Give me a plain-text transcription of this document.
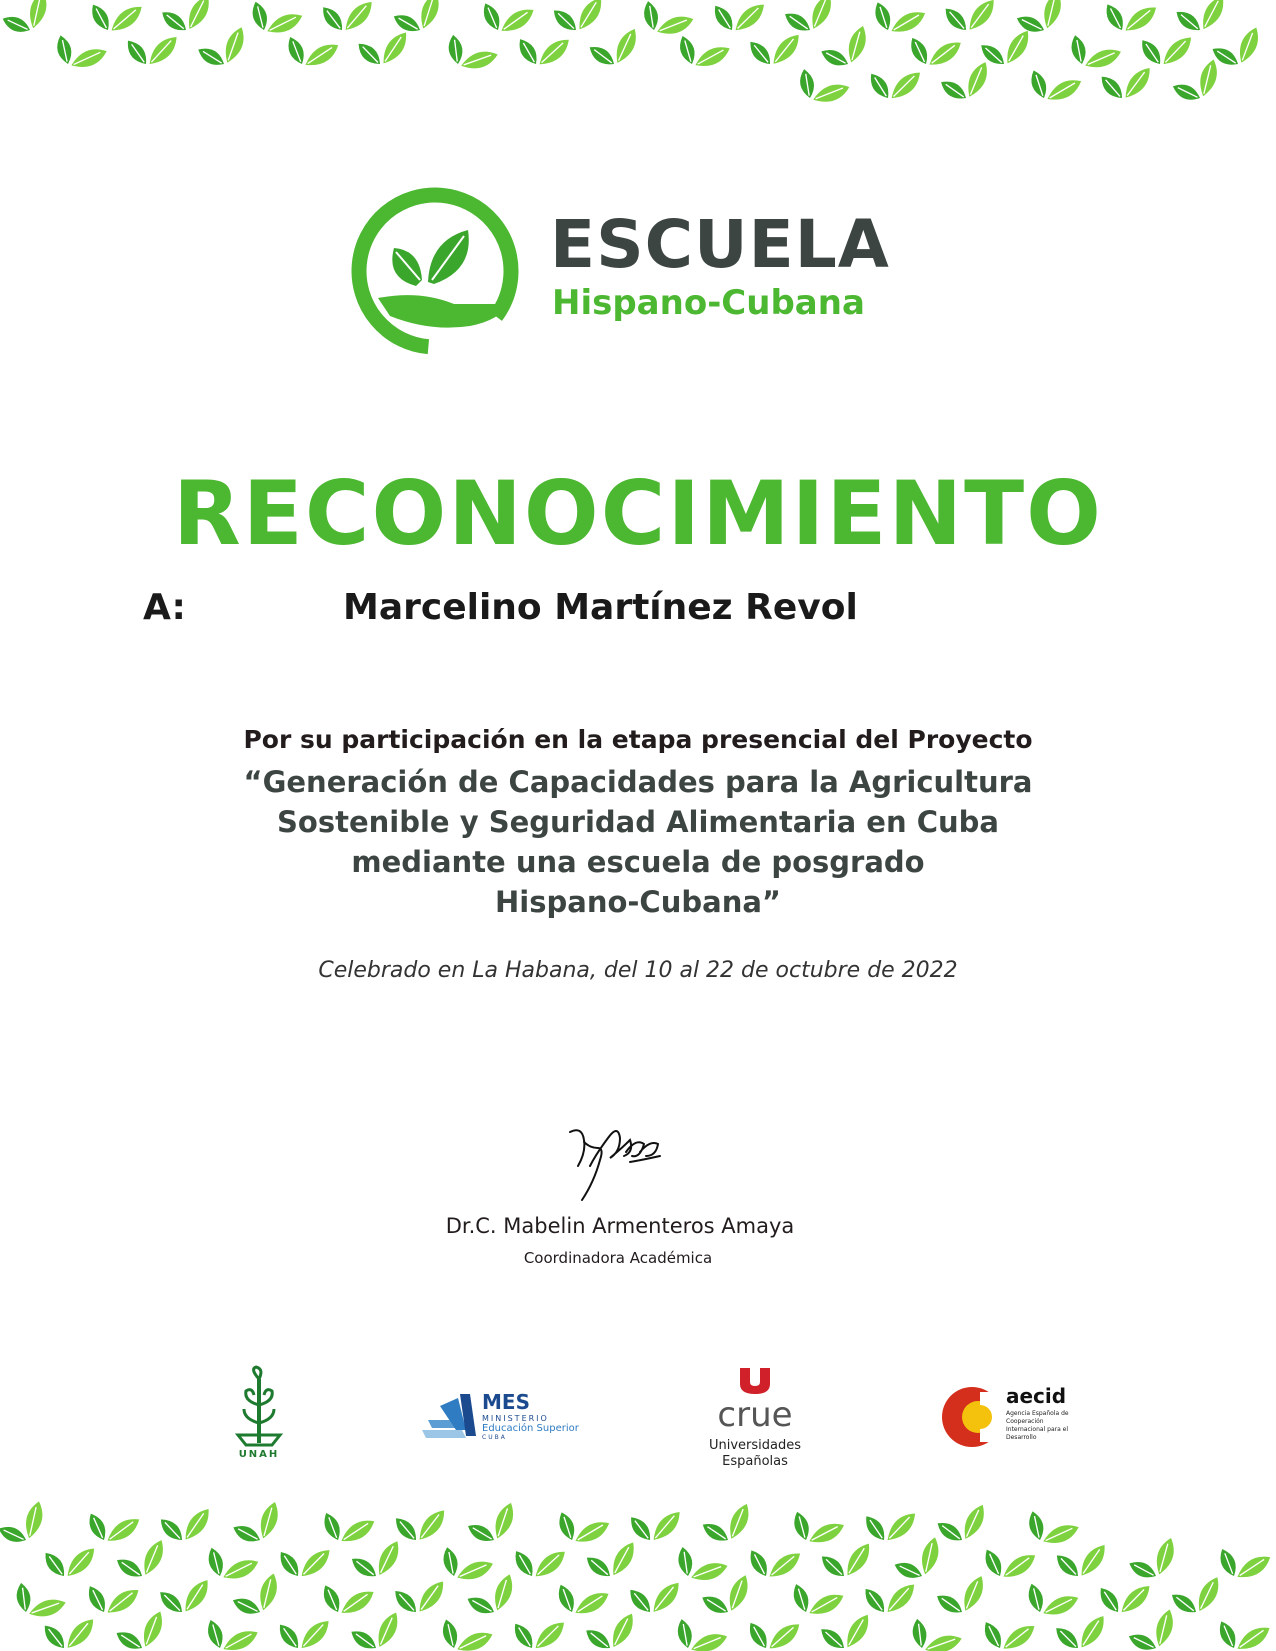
ESCUELA
Hispano-Cubana
RECONOCIMIENTO
A:	Marcelino Martínez Revol
Por su participación en la etapa presencial del Proyecto
“Generación de Capacidades para la Agricultura
Sostenible y Seguridad Alimentaria en Cuba
mediante una escuela de posgrado
Hispano-Cubana”
Celebrado en La Habana, del 10 al 22 de octubre de 2022
Dr.C. Mabelin Armenteros Amaya
Coordinadora Académica
UNAH
MES
MINISTERIO
Educación Superior
CUBA
crue
Universidades
Españolas
aecid
Agencia Española de Cooperación Internacional para el Desarrollo
